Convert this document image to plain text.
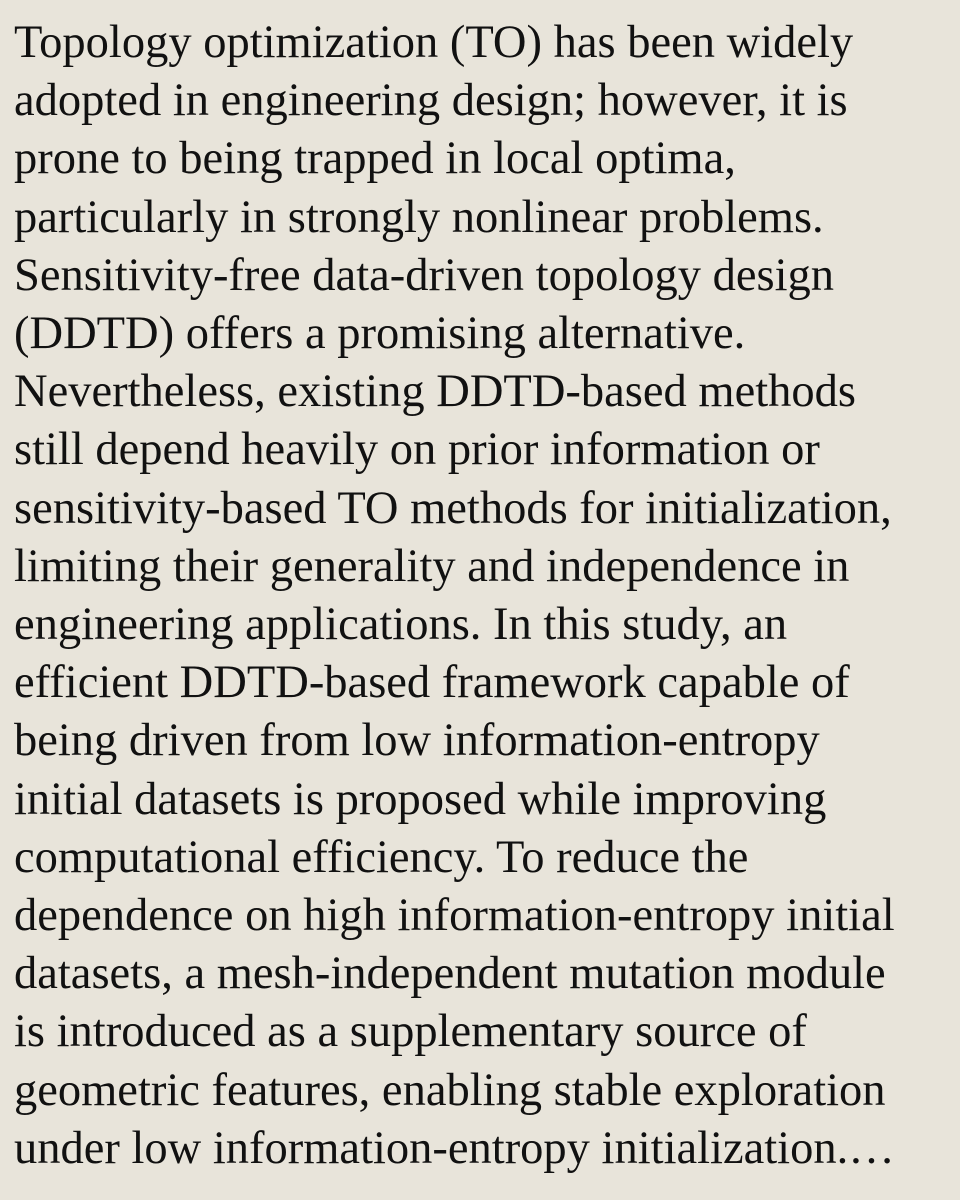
Topology optimization (TO) has been widely
adopted in engineering design; however, it is
prone to being trapped in local optima,
particularly in strongly nonlinear problems.
Sensitivity-free data-driven topology design
(DDTD) offers a promising alternative.
Nevertheless, existing DDTD-based methods
still depend heavily on prior information or
sensitivity-based TO methods for initialization,
limiting their generality and independence in
engineering applications. In this study, an
efficient DDTD-based framework capable of
being driven from low information-entropy
initial datasets is proposed while improving
computational efficiency. To reduce the
dependence on high information-entropy initial
datasets, a mesh-independent mutation module
is introduced as a supplementary source of
geometric features, enabling stable exploration
under low information-entropy initialization.…
